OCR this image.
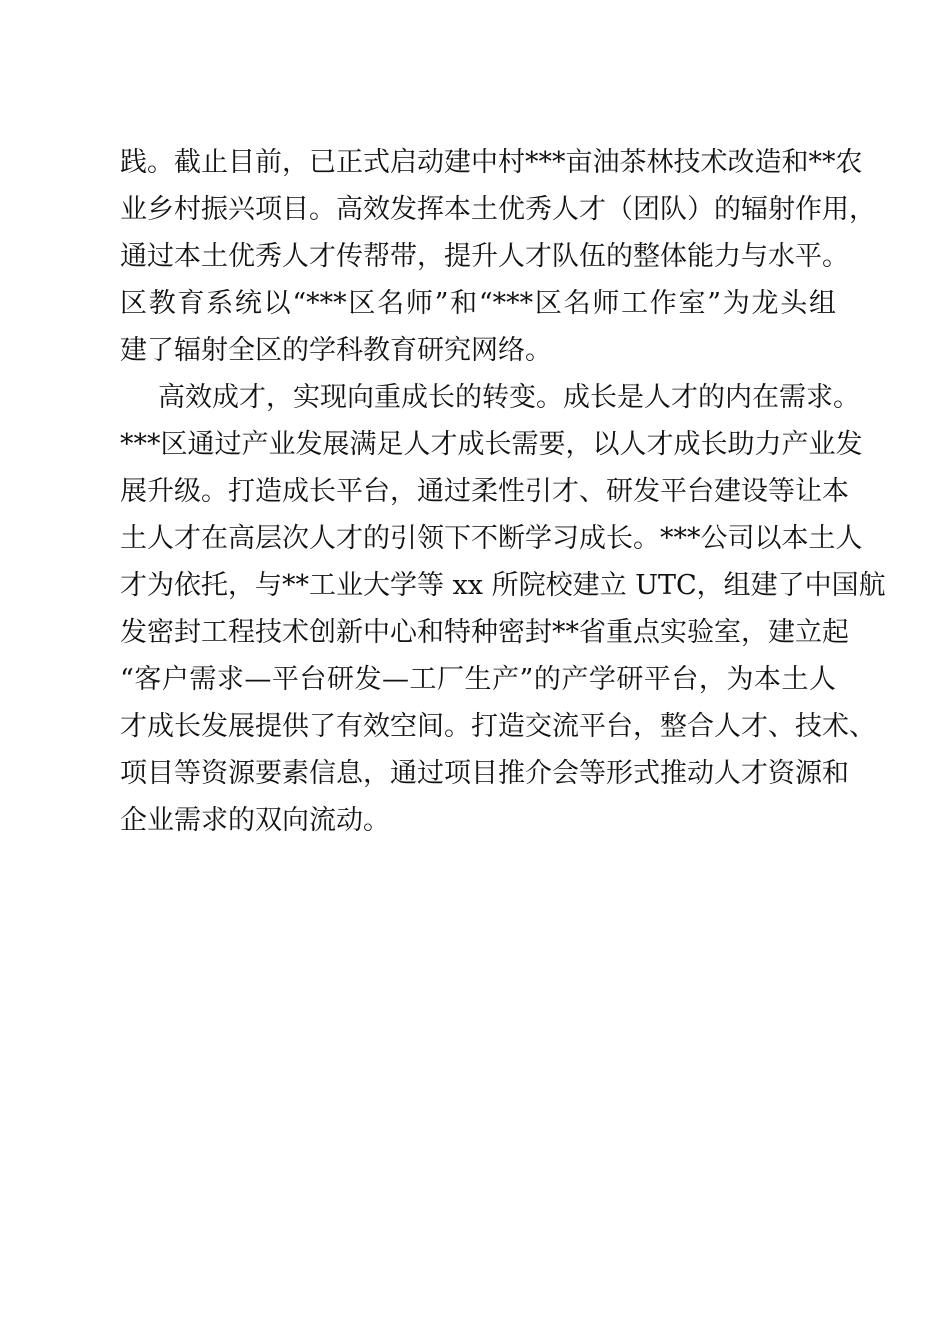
践。截止目前，已正式启动建中村***亩油茶林技术改造和**农
业乡村振兴项目。高效发挥本土优秀人才（团队）的辐射作用，
通过本土优秀人才传帮带，提升人才队伍的整体能力与水平。
区教育系统以“***区名师”和“***区名师工作室”为龙头组
建了辐射全区的学科教育研究网络。
高效成才，实现向重成长的转变。成长是人才的内在需求。
***区通过产业发展满足人才成长需要，以人才成长助力产业发
展升级。打造成长平台，通过柔性引才、研发平台建设等让本
土人才在高层次人才的引领下不断学习成长。***公司以本土人
才为依托，与**工业大学等 xx 所院校建立 UTC，组建了中国航
发密封工程技术创新中心和特种密封**省重点实验室，建立起
“客户需求—平台研发—工厂生产”的产学研平台，为本土人
才成长发展提供了有效空间。打造交流平台，整合人才、技术、
项目等资源要素信息，通过项目推介会等形式推动人才资源和
企业需求的双向流动。
